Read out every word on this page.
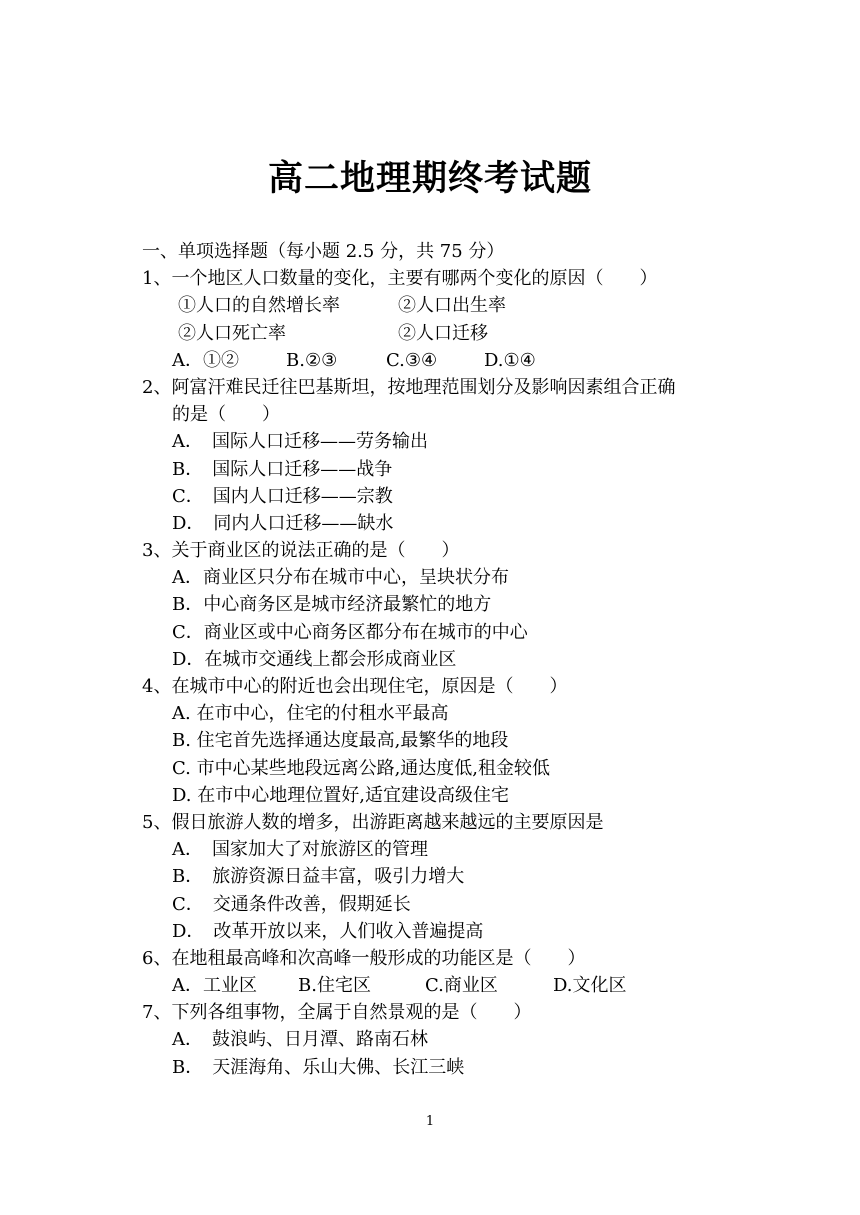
高二地理期终考试题
一、单项选择题（每小题 2.5 分，共 75 分）
1、一个地区人口数量的变化，主要有哪两个变化的原因（　　）
①人口的自然增长率	②人口出生率
②人口死亡率	②人口迁移
A．①②	B.②③	C.③④	D.①④
2、阿富汗难民迁往巴基斯坦，按地理范围划分及影响因素组合正确
的是（　　）
A．　国际人口迁移——劳务输出
B．　国际人口迁移——战争
C．　国内人口迁移——宗教
D．　同内人口迁移——缺水
3、关于商业区的说法正确的是（　　）
A．商业区只分布在城市中心，呈块状分布
B．中心商务区是城市经济最繁忙的地方
C．商业区或中心商务区都分布在城市的中心
D．在城市交通线上都会形成商业区
4、在城市中心的附近也会出现住宅，原因是（　　）
A. 在市中心，住宅的付租水平最高
B. 住宅首先选择通达度最高,最繁华的地段
C. 市中心某些地段远离公路,通达度低,租金较低
D. 在市中心地理位置好,适宜建设高级住宅
5、假日旅游人数的增多，出游距离越来越远的主要原因是
A．　国家加大了对旅游区的管理
B．　旅游资源日益丰富，吸引力增大
C．　交通条件改善，假期延长
D．　改革开放以来，人们收入普遍提高
6、在地租最高峰和次高峰一般形成的功能区是（　　）
A．工业区	B.住宅区	C.商业区	D.文化区
7、下列各组事物，全属于自然景观的是（　　）
A．　鼓浪屿、日月潭、路南石林
B．　天涯海角、乐山大佛、长江三峡
1
